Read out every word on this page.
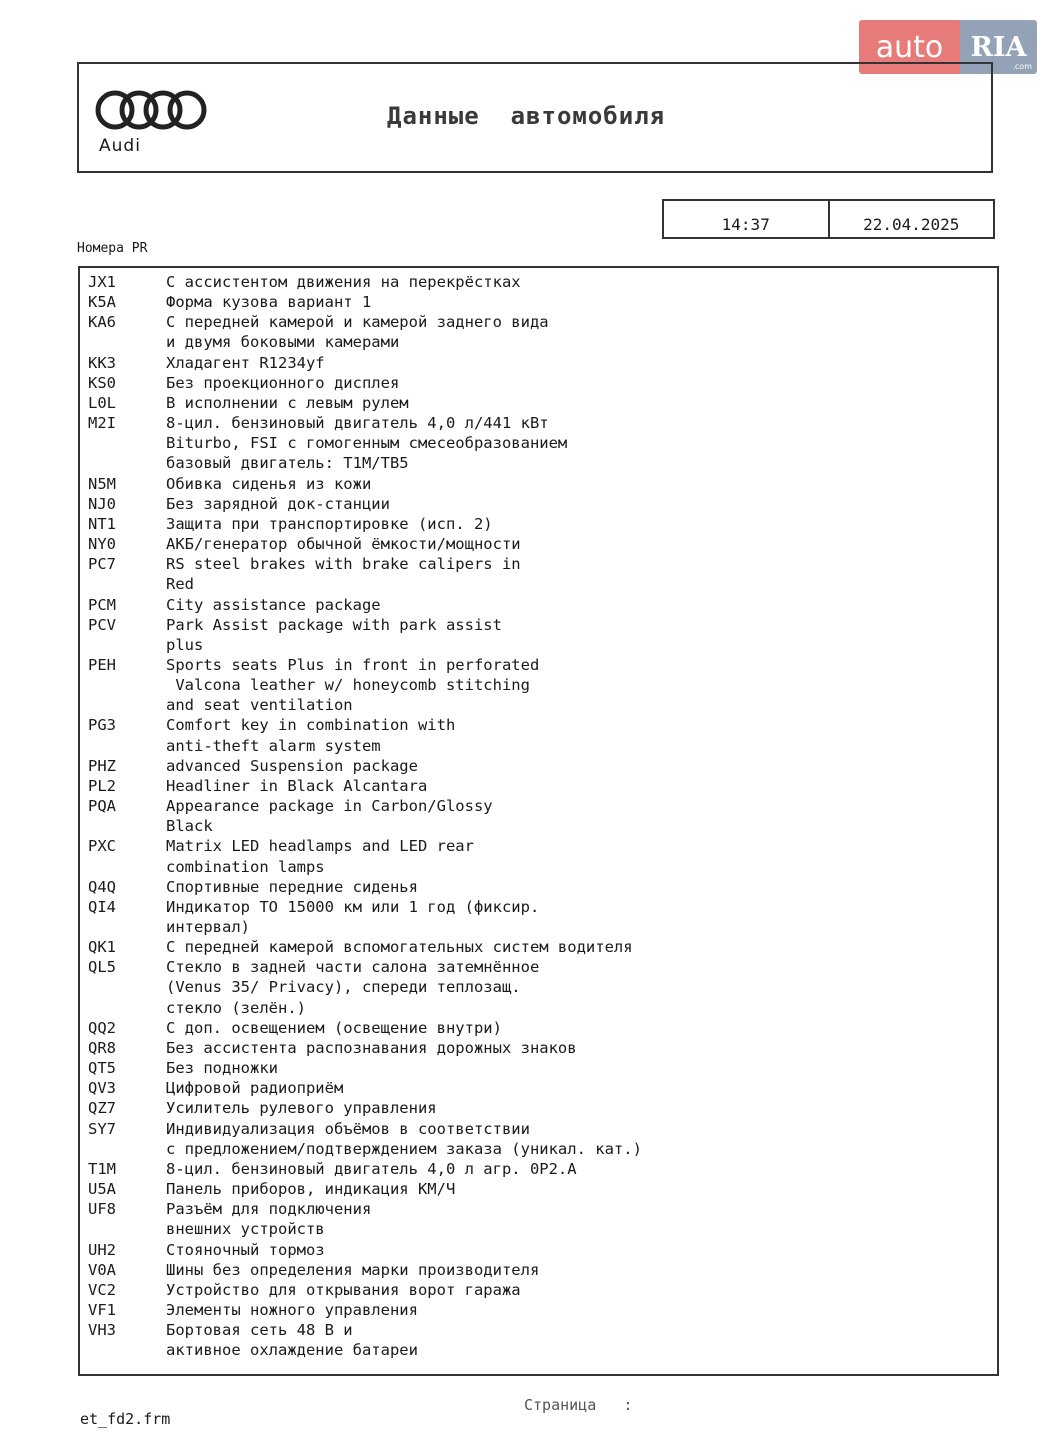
auto	RIA
.com
Audi
Данные  автомобиля
14:37	22.04.2025
Номера PR
JX1	С ассистентом движения на перекрёстках
K5A	Форма кузова вариант 1
KA6	С передней камерой и камерой заднего вида
и двумя боковыми камерами
KK3	Хладагент R1234yf
KS0	Без проекционного дисплея
L0L	В исполнении с левым рулем
M2I	8-цил. бензиновый двигатель 4,0 л/441 кВт
Biturbo, FSI с гомогенным смесеобразованием
базовый двигатель: T1M/TB5
N5M	Обивка сиденья из кожи
NJ0	Без зарядной док-станции
NT1	Защита при транспортировке (исп. 2)
NY0	АКБ/генератор обычной ёмкости/мощности
PC7	RS steel brakes with brake calipers in
Red
PCM	City assistance package
PCV	Park Assist package with park assist
plus
PEH	Sports seats Plus in front in perforated
Valcona leather w/ honeycomb stitching
and seat ventilation
PG3	Comfort key in combination with
anti-theft alarm system
PHZ	advanced Suspension package
PL2	Headliner in Black Alcantara
PQA	Appearance package in Carbon/Glossy
Black
PXC	Matrix LED headlamps and LED rear
combination lamps
Q4Q	Спортивные передние сиденья
QI4	Индикатор ТО 15000 км или 1 год (фиксир.
интервал)
QK1	С передней камерой вспомогательных систем водителя
QL5	Стекло в задней части салона затемнённое
(Venus 35/ Privacy), спереди теплозащ.
стекло (зелён.)
QQ2	С доп. освещением (освещение внутри)
QR8	Без ассистента распознавания дорожных знаков
QT5	Без подножки
QV3	Цифровой радиоприём
QZ7	Усилитель рулевого управления
SY7	Индивидуализация объёмов в соответствии
с предложением/подтверждением заказа (уникал. кат.)
T1M	8-цил. бензиновый двигатель 4,0 л агр. 0P2.A
U5A	Панель приборов, индикация КМ/Ч
UF8	Разъём для подключения
внешних устройств
UH2	Стояночный тормоз
V0A	Шины без определения марки производителя
VC2	Устройство для открывания ворот гаража
VF1	Элементы ножного управления
VH3	Бортовая сеть 48 В и
активное охлаждение батареи
Страница   :
et_fd2.frm
